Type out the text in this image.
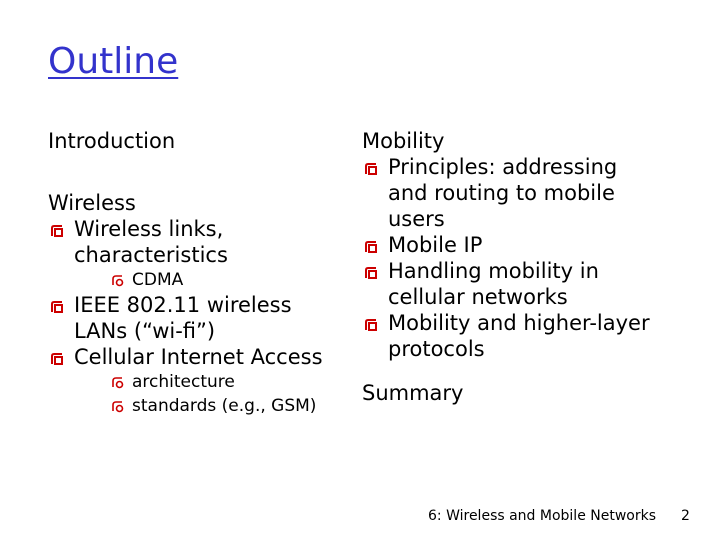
Outline
Introduction
Wireless
Wireless links, characteristics
CDMA
IEEE 802.11 wireless LANs (“wi-fi”)
Cellular Internet Access
architecture
standards (e.g., GSM)
Mobility
Principles: addressing and routing to mobile users
Mobile IP
Handling mobility in cellular networks
Mobility and higher-layer protocols
Summary
6: Wireless and Mobile Networks 2
